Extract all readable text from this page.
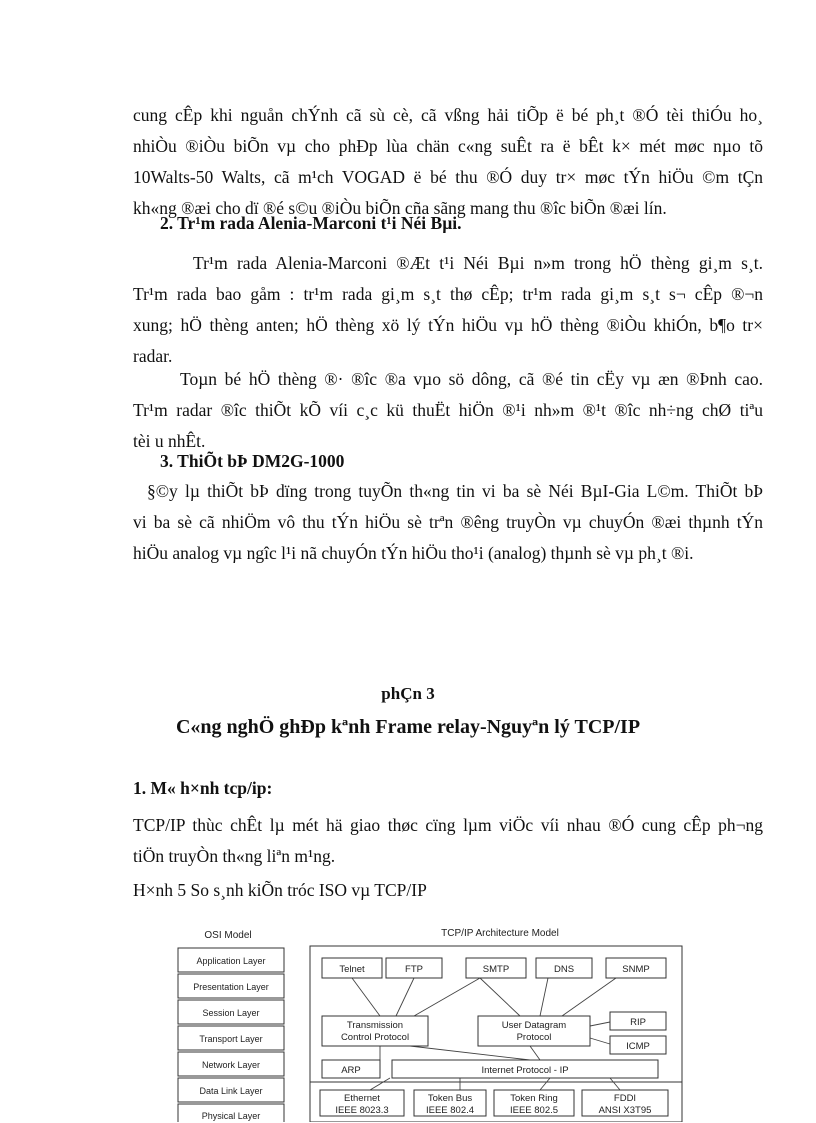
cung cÊp khi nguån chÝnh cã sù cè, cã vßng hải tiÕp ë bé ph¸t ®Ó tèi thiÓu ho¸
nhiÒu ®iÒu biÕn vµ cho phÐp lùa chän c«ng suÊt ra ë bÊt k× mét møc nµo tõ
10Walts-50 Walts, cã m¹ch VOGAD ë bé thu ®Ó duy tr× møc tÝn hiÖu ©m tÇn
kh«ng ®æi cho dï ®é s©u ®iÒu biÕn cña sãng mang thu ®îc biÕn ®æi lín.

2. Tr¹m rada Alenia-Marconi t¹i Néi Bµi.

Tr¹m rada Alenia-Marconi ®Æt t¹i Néi Bµi n»m trong hÖ thèng gi¸m s¸t.
Tr¹m rada bao gåm : tr¹m rada gi¸m s¸t thø cÊp; tr¹m rada gi¸m s¸t s¬ cÊp ®¬n
xung; hÖ thèng anten; hÖ thèng xö lý tÝn hiÖu vµ hÖ thèng ®iÒu khiÓn, b¶o tr×
radar.
Toµn bé hÖ thèng ®· ®îc ®a vµo sö dông, cã ®é tin cËy vµ æn ®Þnh cao.
Tr¹m radar ®îc thiÕt kÕ víi c¸c kü thuËt hiÖn ®¹i nh»m ®¹t ®îc nh÷ng chØ tiªu
tèi u nhÊt.

3. ThiÕt bÞ DM2G-1000

§©y lµ thiÕt bÞ dïng trong tuyÕn th«ng tin vi ba sè Néi BµI-Gia L©m. ThiÕt bÞ
vi ba sè cã nhiÖm vô thu tÝn hiÖu sè trªn ®êng truyÒn vµ chuyÓn ®æi thµnh tÝn
hiÖu analog vµ ngîc l¹i nã chuyÓn tÝn hiÖu tho¹i (analog) thµnh sè vµ ph¸t ®i.

phÇn 3

C«ng nghÖ ghÐp kªnh Frame relay-Nguyªn lý TCP/IP

1. M« h×nh tcp/ip:

TCP/IP thùc chÊt lµ mét hä giao thøc cïng lµm viÖc víi nhau ®Ó cung cÊp ph¬ng
tiÖn truyÒn th«ng liªn m¹ng.

H×nh 5 So s¸nh kiÕn tróc ISO vµ TCP/IP

OSI Model
Application Layer
Presentation Layer
Session Layer
Transport Layer
Network Layer
Data Link Layer
Physical Layer
TCP/IP Architecture Model
Telnet	FTP	SMTP	DNS	SNMP
Transmission
Control Protocol
User Datagram
Protocol
RIP
ICMP
ARP	Internet Protocol - IP
Ethernet
IEEE 8023.3
Token Bus
IEEE 802.4
Token Ring
IEEE 802.5
FDDI
ANSI X3T95
